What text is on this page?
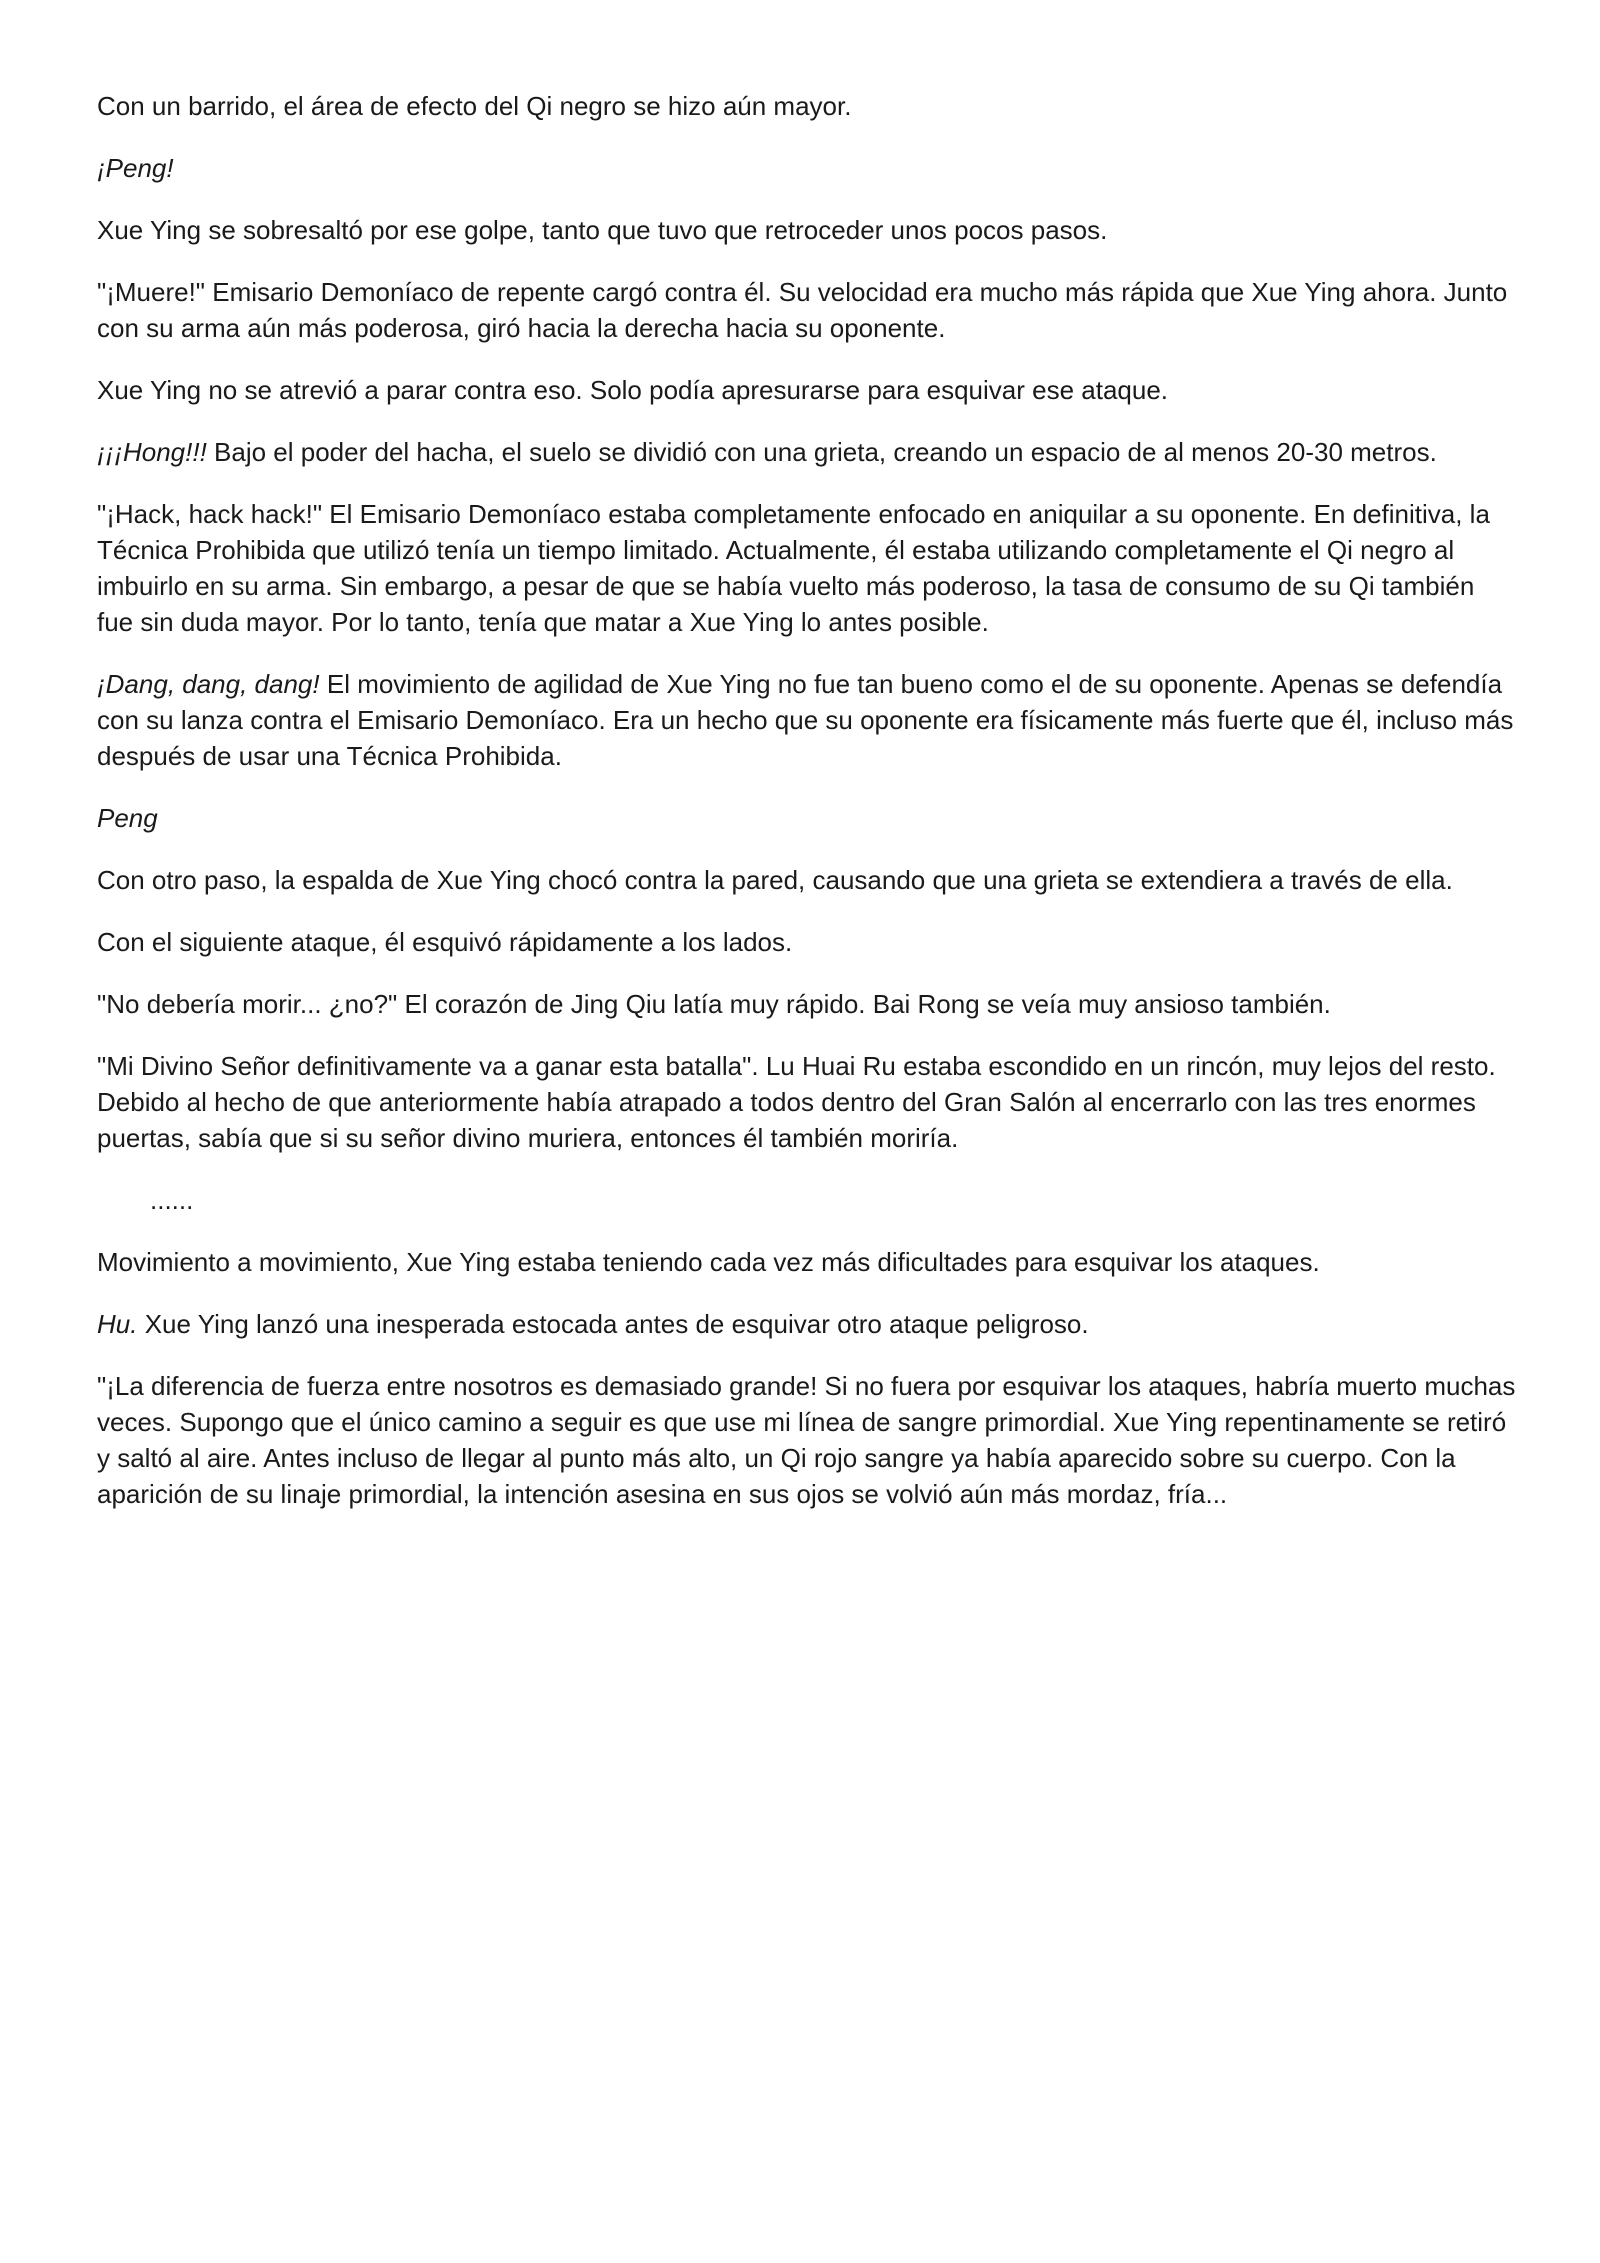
Con un barrido, el área de efecto del Qi negro se hizo aún mayor.

¡Peng!

Xue Ying se sobresaltó por ese golpe, tanto que tuvo que retroceder unos pocos pasos.

"¡Muere!" Emisario Demoníaco de repente cargó contra él. Su velocidad era mucho más rápida que Xue Ying ahora. Junto con su arma aún más poderosa, giró hacia la derecha hacia su oponente.

Xue Ying no se atrevió a parar contra eso. Solo podía apresurarse para esquivar ese ataque.

¡¡¡Hong!!! Bajo el poder del hacha, el suelo se dividió con una grieta, creando un espacio de al menos 20-30 metros.

"¡Hack, hack hack!" El Emisario Demoníaco estaba completamente enfocado en aniquilar a su oponente. En definitiva, la Técnica Prohibida que utilizó tenía un tiempo limitado. Actualmente, él estaba utilizando completamente el Qi negro al imbuirlo en su arma. Sin embargo, a pesar de que se había vuelto más poderoso, la tasa de consumo de su Qi también fue sin duda mayor. Por lo tanto, tenía que matar a Xue Ying lo antes posible.

¡Dang, dang, dang! El movimiento de agilidad de Xue Ying no fue tan bueno como el de su oponente. Apenas se defendía con su lanza contra el Emisario Demoníaco. Era un hecho que su oponente era físicamente más fuerte que él, incluso más después de usar una Técnica Prohibida.

Peng

Con otro paso, la espalda de Xue Ying chocó contra la pared, causando que una grieta se extendiera a través de ella.

Con el siguiente ataque, él esquivó rápidamente a los lados.

"No debería morir... ¿no?" El corazón de Jing Qiu latía muy rápido. Bai Rong se veía muy ansioso también.

"Mi Divino Señor definitivamente va a ganar esta batalla". Lu Huai Ru estaba escondido en un rincón, muy lejos del resto. Debido al hecho de que anteriormente había atrapado a todos dentro del Gran Salón al encerrarlo con las tres enormes puertas, sabía que si su señor divino muriera, entonces él también moriría.

......

Movimiento a movimiento, Xue Ying estaba teniendo cada vez más dificultades para esquivar los ataques.

Hu. Xue Ying lanzó una inesperada estocada antes de esquivar otro ataque peligroso.

"¡La diferencia de fuerza entre nosotros es demasiado grande! Si no fuera por esquivar los ataques, habría muerto muchas veces. Supongo que el único camino a seguir es que use mi línea de sangre primordial. Xue Ying repentinamente se retiró y saltó al aire. Antes incluso de llegar al punto más alto, un Qi rojo sangre ya había aparecido sobre su cuerpo. Con la aparición de su linaje primordial, la intención asesina en sus ojos se volvió aún más mordaz, fría...
